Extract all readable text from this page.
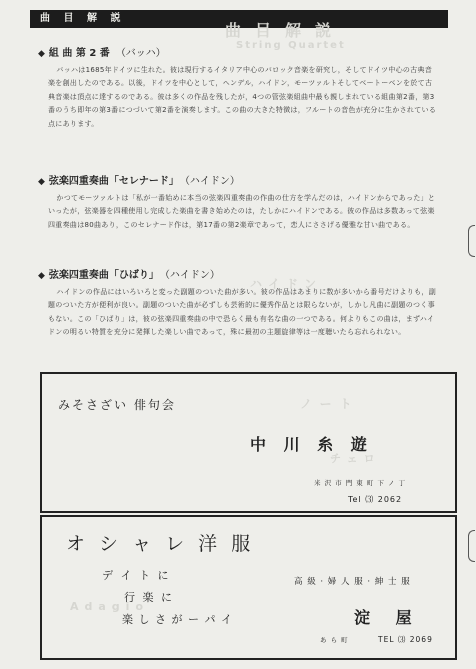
曲 目 解 説
曲目解説
String Quartet
ハイドン
ノート
チェロ
Adagio
◆ 組 曲 第 2 番 （バッハ）
バッハは1685年ドイツに生れた。彼は現行するイタリア中心のバロック音楽を研究し，そしてドイツ中心の古典音楽を創出したのである。以後，ドイツを中心として，ヘンデル，ハイドン，モーツァルトそしてベートーベンを於て古典音楽は頂点に達するのである。彼は多くの作品を残したが，4つの管弦楽組曲中最も親しまれている組曲第2番，第3番のうち即年の第3番につづいて第2番を演奏します。この曲の大きた特徴は，フルートの音色が充分に生かされている点にあります。
◆ 弦楽四重奏曲「セレナード」 （ハイドン）
かつてモーツァルトは「私が一番始めに本当の弦楽四重奏曲の作曲の仕方を学んだのは，ハイドンからであった」といったが，弦楽器を四種使用し完成した楽曲を書き始めたのは，たしかにハイドンである。彼の作品は多数あって弦楽四重奏曲は80曲あり，このセレナード作は，第17番の第2楽章であって，恋人にささげる優雅な甘い曲である。
◆ 弦楽四重奏曲「ひばり」 （ハイドン）
ハイドンの作品にはいろいろと変った副題のついた曲が多い。彼の作品はあまりに数が多いから番号だけよりも，副題のついた方が便利が良い。副題のついた曲が必ずしも芸術的に優秀作品とは限らないが，しかし凡曲に副題のつく事もない。この「ひばり」は，彼の弦楽四重奏曲の中で恐らく最も有名な曲の一つである。何よりもこの曲は，まずハイドンの明るい特質を充分に発揮した楽しい曲であって，殊に最初の主題旋律等は一度聴いたら忘れられない。
みそさざい 俳句会
中 川 糸 遊
米 沢 市 門 東 町 下 ノ 丁
Tel ⑶ 2062
オ シ ャ レ 洋 服
デ イ ト に
行 楽 に
楽 し さ が ー パ イ
高 級 · 婦 人 服 · 紳 士 服
淀 屋
あ ら 町	TEL ⑶ 2069
